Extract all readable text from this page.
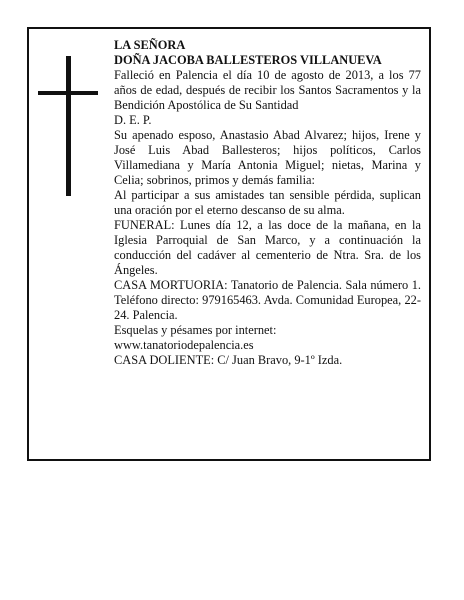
LA SEÑORA

DOÑA JACOBA BALLESTEROS VILLANUEVA

Falleció en Palencia el día 10 de agosto de 2013, a los 77 años de edad, después de recibir los Santos Sacramentos y la Bendición Apostólica de Su Santidad

D. E. P.

Su apenado esposo, Anastasio Abad Alvarez; hijos, Irene y José Luis Abad Ballesteros; hijos políticos, Carlos Villamediana y María Antonia Miguel; nietas, Marina y Celia; sobrinos, primos y demás familia:

Al participar a sus amistades tan sensible pérdida, suplican una oración por el eterno descanso de su alma.

FUNERAL: Lunes día 12, a las doce de la mañana, en la Iglesia Parroquial de San Marco, y a continuación la conducción del cadáver al cementerio de Ntra. Sra. de los Ángeles.

CASA MORTUORIA: Tanatorio de Palencia. Sala número 1. Teléfono directo: 979165463. Avda. Comunidad Europea, 22-24. Palencia.

Esquelas y pésames por internet:

www.tanatoriodepalencia.es

CASA DOLIENTE: C/ Juan Bravo, 9-1º Izda.
